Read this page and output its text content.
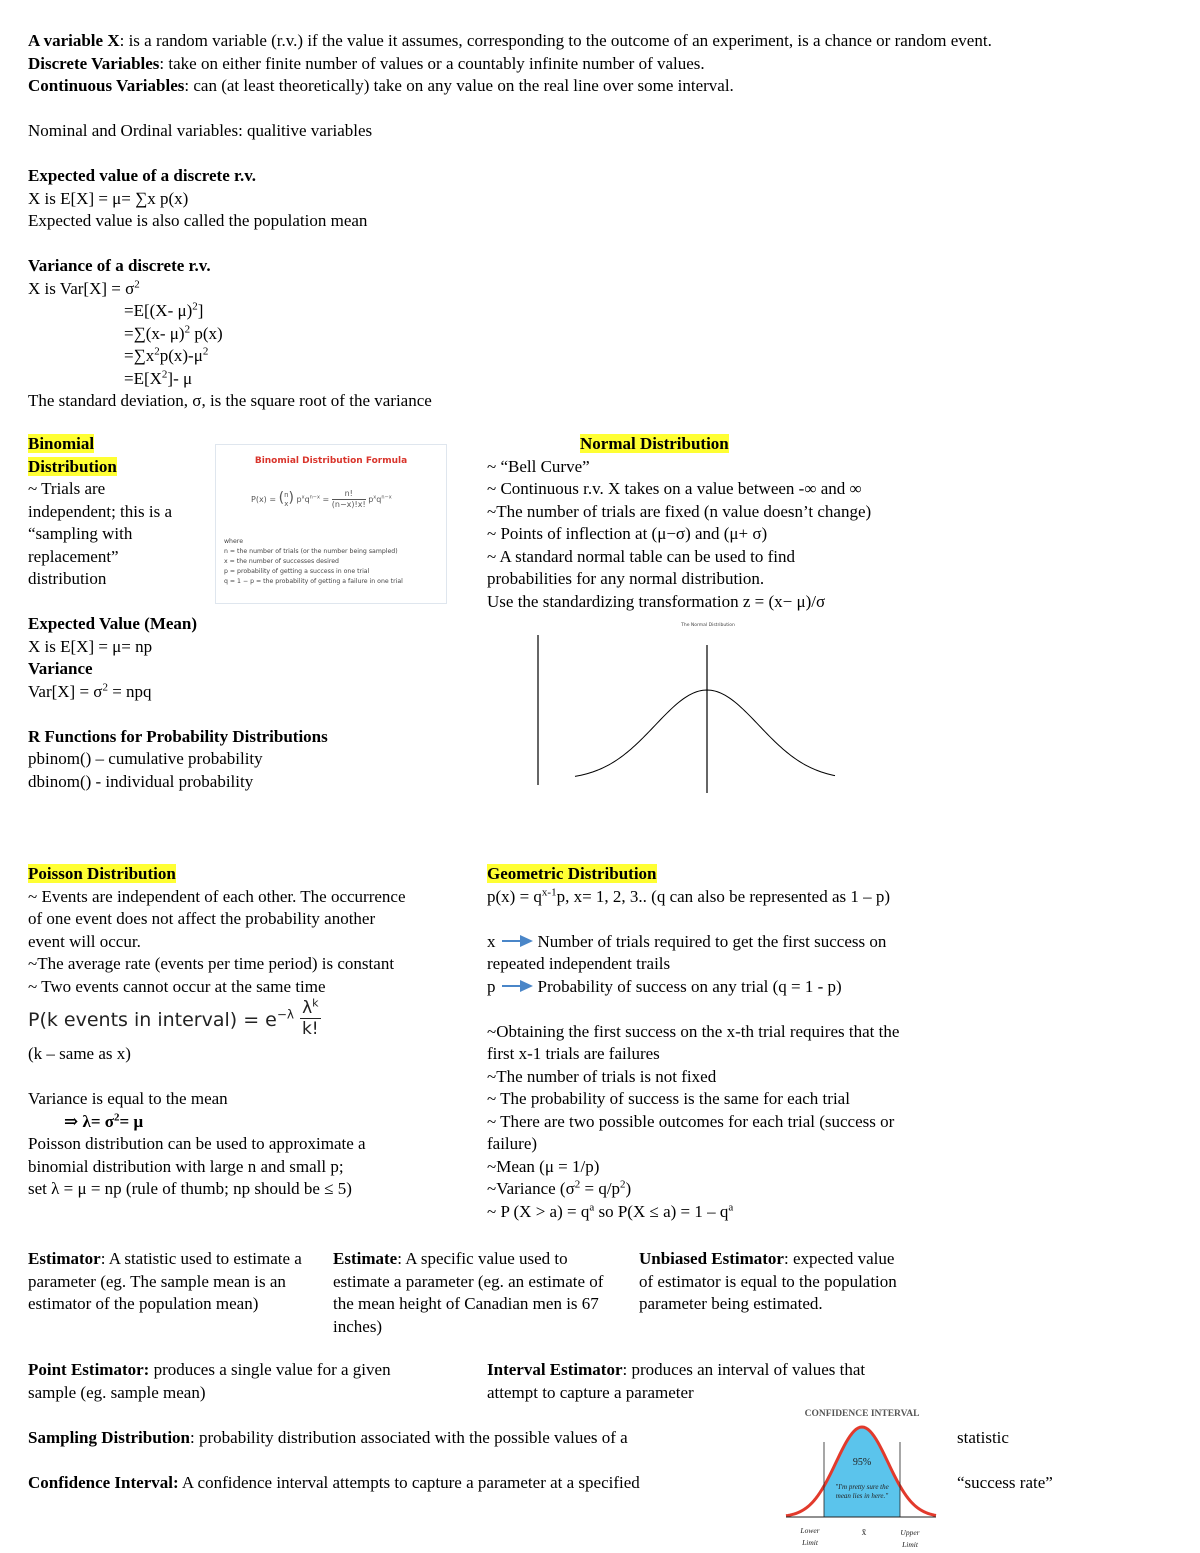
A variable X: is a random variable (r.v.) if the value it assumes, corresponding to the outcome of an experiment, is a chance or random event.
Discrete Variables: take on either finite number of values or a countably infinite number of values.
Continuous Variables: can (at least theoretically) take on any value on the real line over some interval.
Nominal and Ordinal variables: qualitive variables
Expected value of a discrete r.v.
X is E[X] = μ= ∑x p(x)
Expected value is also called the population mean
Variance of a discrete r.v.
X is $Var[X] = \sigma^2$
=E[(X- μ)$^2$]
=∑(x- μ)$^2$ p(x)
$=\sum x^2p(x)-\mu^2$
$=E[X^2]-$ μ
The standard deviation, σ, is the square root of the variance
Binomial
Distribution
~ Trials are
independent; this is a
“sampling with
replacement”
distribution
Expected Value (Mean)
X is E[X] = μ= np
Variance
$Var[X] = \sigma^2$ = npq
R Functions for Probability Distributions
pbinom() – cumulative probability
dbinom() - individual probability
Binomial Distribution Formula
P(x) = (n
x) $p^xq^{n-x} = \frac{n!}{(n-x)!x!} p^xq^{n-x}$
where
n = the number of trials (or the number being sampled)
x = the number of successes desired
p = probability of getting a success in one trial
q = 1 − p = the probability of getting a failure in one trial
Normal Distribution
~ “Bell Curve”
~ Continuous r.v. X takes on a value between -∞ and ∞
~The number of trials are fixed (n value doesn’t change)
~ Points of inflection at (μ−σ) and (μ+ σ)
~ A standard normal table can be used to find
probabilities for any normal distribution.
Use the standardizing transformation z = (x− μ)/σ
The Normal Distribution
Poisson Distribution
~ Events are independent of each other. The occurrence
of one event does not affect the probability another
event will occur.
~The average rate (events per time period) is constant
~ Two events cannot occur at the same time
P(k events in interval) = $e^{-\lambda} \frac{\lambda^k}{k!}$
(k – same as x)
Variance is equal to the mean
⇒ $\lambda= \sigma^2= \mu$
Poisson distribution can be used to approximate a
binomial distribution with large n and small p;
set λ = μ = np (rule of thumb; np should be ≤ 5)
Geometric Distribution
$p(x) = q^{x-1}p$, x= 1, 2, 3.. (q can also be represented as 1 – p)
x Number of trials required to get the first success on
repeated independent trails
p Probability of success on any trial (q = 1 - p)
~Obtaining the first success on the x-th trial requires that the
first x-1 trials are failures
~The number of trials is not fixed
~ The probability of success is the same for each trial
~ There are two possible outcomes for each trial (success or
failure)
~Mean (μ = 1/p)
~Variance $(\sigma^2 = q/p^2)$
~ P $(X > a) = q^a$ so $P(X \le a) = 1 - q^a$
Estimator: A statistic used to estimate a parameter (eg. The sample mean is an estimator of the population mean)
Estimate: A specific value used to estimate a parameter (eg. an estimate of the mean height of Canadian men is 67 inches)
Unbiased Estimator: expected value of estimator is equal to the population parameter being estimated.
Point Estimator: produces a single value for a given
sample (eg. sample mean)
Interval Estimator: produces an interval of values that
attempt to capture a parameter
Sampling Distribution: probability distribution associated with the possible values of a	statistic
Confidence Interval: A confidence interval attempts to capture a parameter at a specified	“success rate”
CONFIDENCE INTERVAL
95%
"I'm pretty sure the
mean lies in here."
Lower
Limit
x̄	Upper
Limit
